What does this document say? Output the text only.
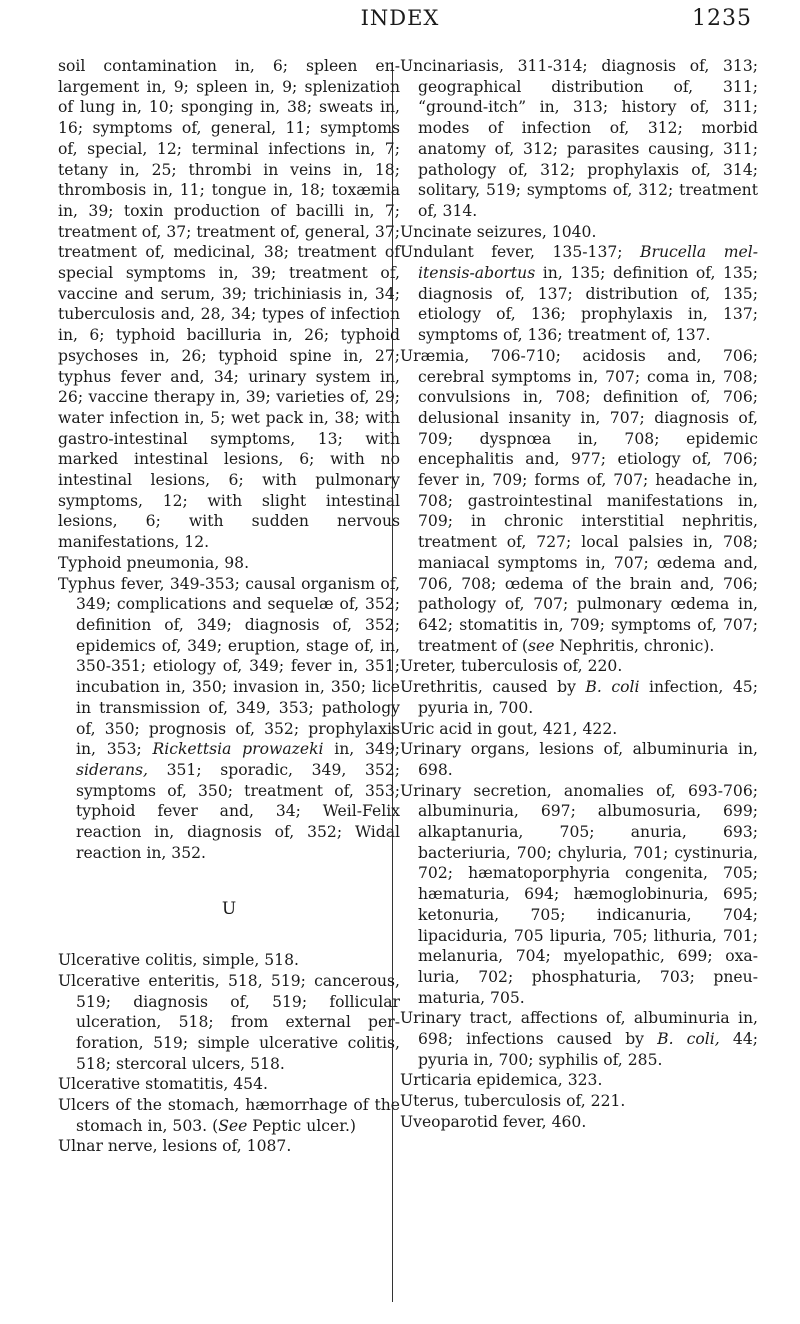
INDEX	1235

soil contamination in, 6; spleen enlargement in, 9; spleen in, 9; splenization of lung in, 10; sponging in, 38; sweats in, 16; symptoms of, general, 11; symptoms of, special, 12; terminal infections in, 7; tetany in, 25; thrombi in veins in, 18; thrombosis in, 11; tongue in, 18; toxæmia in, 39; toxin production of bacilli in, 7; treatment of, 37; treatment of, general, 37; treatment of, medicinal, 38; treatment of special symptoms in, 39; treatment of, vaccine and serum, 39; trichiniasis in, 34; tuberculosis and, 28, 34; types of infection in, 6; typhoid bacilluria in, 26; typhoid psychoses in, 26; typhoid spine in, 27; typhus fever and, 34; urinary system in, 26; vaccine therapy in, 39; varieties of, 29; water infection in, 5; wet pack in, 38; with gastro-intestinal symptoms, 13; with marked intestinal lesions, 6; with no intestinal lesions, 6; with pulmonary symptoms, 12; with slight intestinal lesions, 6; with sudden nervous manifestations, 12.

Typhoid pneumonia, 98.

Typhus fever, 349-353; causal organism of, 349; complications and sequelæ of, 352; definition of, 349; diagnosis of, 352; epidemics of, 349; eruption, stage of, in, 350-351; etiology of, 349; fever in, 351; incubation in, 350; invasion in, 350; lice in transmission of, 349, 353; pathology of, 350; prognosis of, 352; prophylaxis in, 353; Rickettsia prowazeki in, 349; siderans, 351; sporadic, 349, 352; symptoms of, 350; treatment of, 353; typhoid fever and, 34; Weil-Felix reaction in, diagnosis of, 352; Widal reaction in, 352.

U

Ulcerative colitis, simple, 518.

Ulcerative enteritis, 518, 519; cancerous, 519; diagnosis of, 519; follicular ulceration, 518; from external perforation, 519; simple ulcerative colitis, 518; stercoral ulcers, 518.

Ulcerative stomatitis, 454.

Ulcers of the stomach, hæmorrhage of the stomach in, 503. (See Peptic ulcer.)

Ulnar nerve, lesions of, 1087.

Uncinariasis, 311-314; diagnosis of, 313; geographical distribution of, 311; “ground-itch” in, 313; history of, 311; modes of infection of, 312; morbid anatomy of, 312; parasites causing, 311; pathology of, 312; prophylaxis of, 314; solitary, 519; symptoms of, 312; treatment of, 314.

Uncinate seizures, 1040.

Undulant fever, 135-137; Brucella melitensis-abortus in, 135; definition of, 135; diagnosis of, 137; distribution of, 135; etiology of, 136; prophylaxis in, 137; symptoms of, 136; treatment of, 137.

Uræmia, 706-710; acidosis and, 706; cerebral symptoms in, 707; coma in, 708; convulsions in, 708; definition of, 706; delusional insanity in, 707; diagnosis of, 709; dyspnœa in, 708; epidemic encephalitis and, 977; etiology of, 706; fever in, 709; forms of, 707; headache in, 708; gastrointestinal manifestations in, 709; in chronic interstitial nephritis, treatment of, 727; local palsies in, 708; maniacal symptoms in, 707; œdema and, 706, 708; œdema of the brain and, 706; pathology of, 707; pulmonary œdema in, 642; stomatitis in, 709; symptoms of, 707; treatment of (see Nephritis, chronic).

Ureter, tuberculosis of, 220.

Urethritis, caused by B. coli infection, 45; pyuria in, 700.

Uric acid in gout, 421, 422.

Urinary organs, lesions of, albuminuria in, 698.

Urinary secretion, anomalies of, 693-706; albuminuria, 697; albumosuria, 699; alkaptanuria, 705; anuria, 693; bacteriuria, 700; chyluria, 701; cystinuria, 702; hæmatoporphyria congenita, 705; hæmaturia, 694; hæmoglobinuria, 695; ketonuria, 705; indicanuria, 704; lipaciduria, 705 lipuria, 705; lithuria, 701; melanuria, 704; myelopathic, 699; oxaluria, 702; phosphaturia, 703; pneumaturia, 705.

Urinary tract, affections of, albuminuria in, 698; infections caused by B. coli, 44; pyuria in, 700; syphilis of, 285.

Urticaria epidemica, 323.

Uterus, tuberculosis of, 221.

Uveoparotid fever, 460.
